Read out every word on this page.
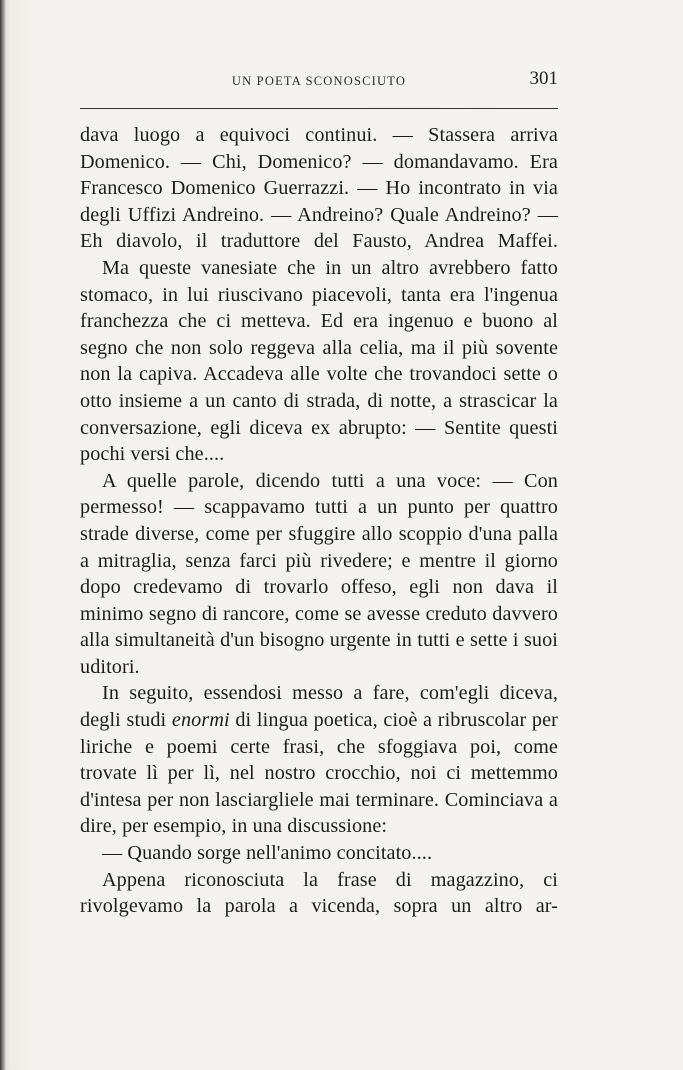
UN POETA SCONOSCIUTO	301

dava luogo a equivoci continui. — Stassera arriva Domenico. — Chi, Domenico? — domandavamo. Era Francesco Domenico Guerrazzi. — Ho incontrato in via degli Uffizi Andreino. — Andreino? Quale Andreino? — Eh diavolo, il traduttore del Fausto, Andrea Maffei.

Ma queste vanesiate che in un altro avrebbero fatto stomaco, in lui riuscivano piacevoli, tanta era l'ingenua franchezza che ci metteva. Ed era ingenuo e buono al segno che non solo reggeva alla celia, ma il più sovente non la capiva. Accadeva alle volte che trovandoci sette o otto insieme a un canto di strada, di notte, a strascicar la conversazione, egli diceva ex abrupto: — Sentite questi pochi versi che....

A quelle parole, dicendo tutti a una voce: — Con permesso! — scappavamo tutti a un punto per quattro strade diverse, come per sfuggire allo scoppio d'una palla a mitraglia, senza farci più rivedere; e mentre il giorno dopo credevamo di trovarlo offeso, egli non dava il minimo segno di rancore, come se avesse creduto davvero alla simultaneità d'un bisogno urgente in tutti e sette i suoi uditori.

In seguito, essendosi messo a fare, com'egli diceva, degli studi enormi di lingua poetica, cioè a ribruscolar per liriche e poemi certe frasi, che sfoggiava poi, come trovate lì per lì, nel nostro crocchio, noi ci mettemmo d'intesa per non lasciargliele mai terminare. Cominciava a dire, per esempio, in una discussione:

— Quando sorge nell'animo concitato....

Appena riconosciuta la frase di magazzino, ci rivolgevamo la parola a vicenda, sopra un altro ar-
